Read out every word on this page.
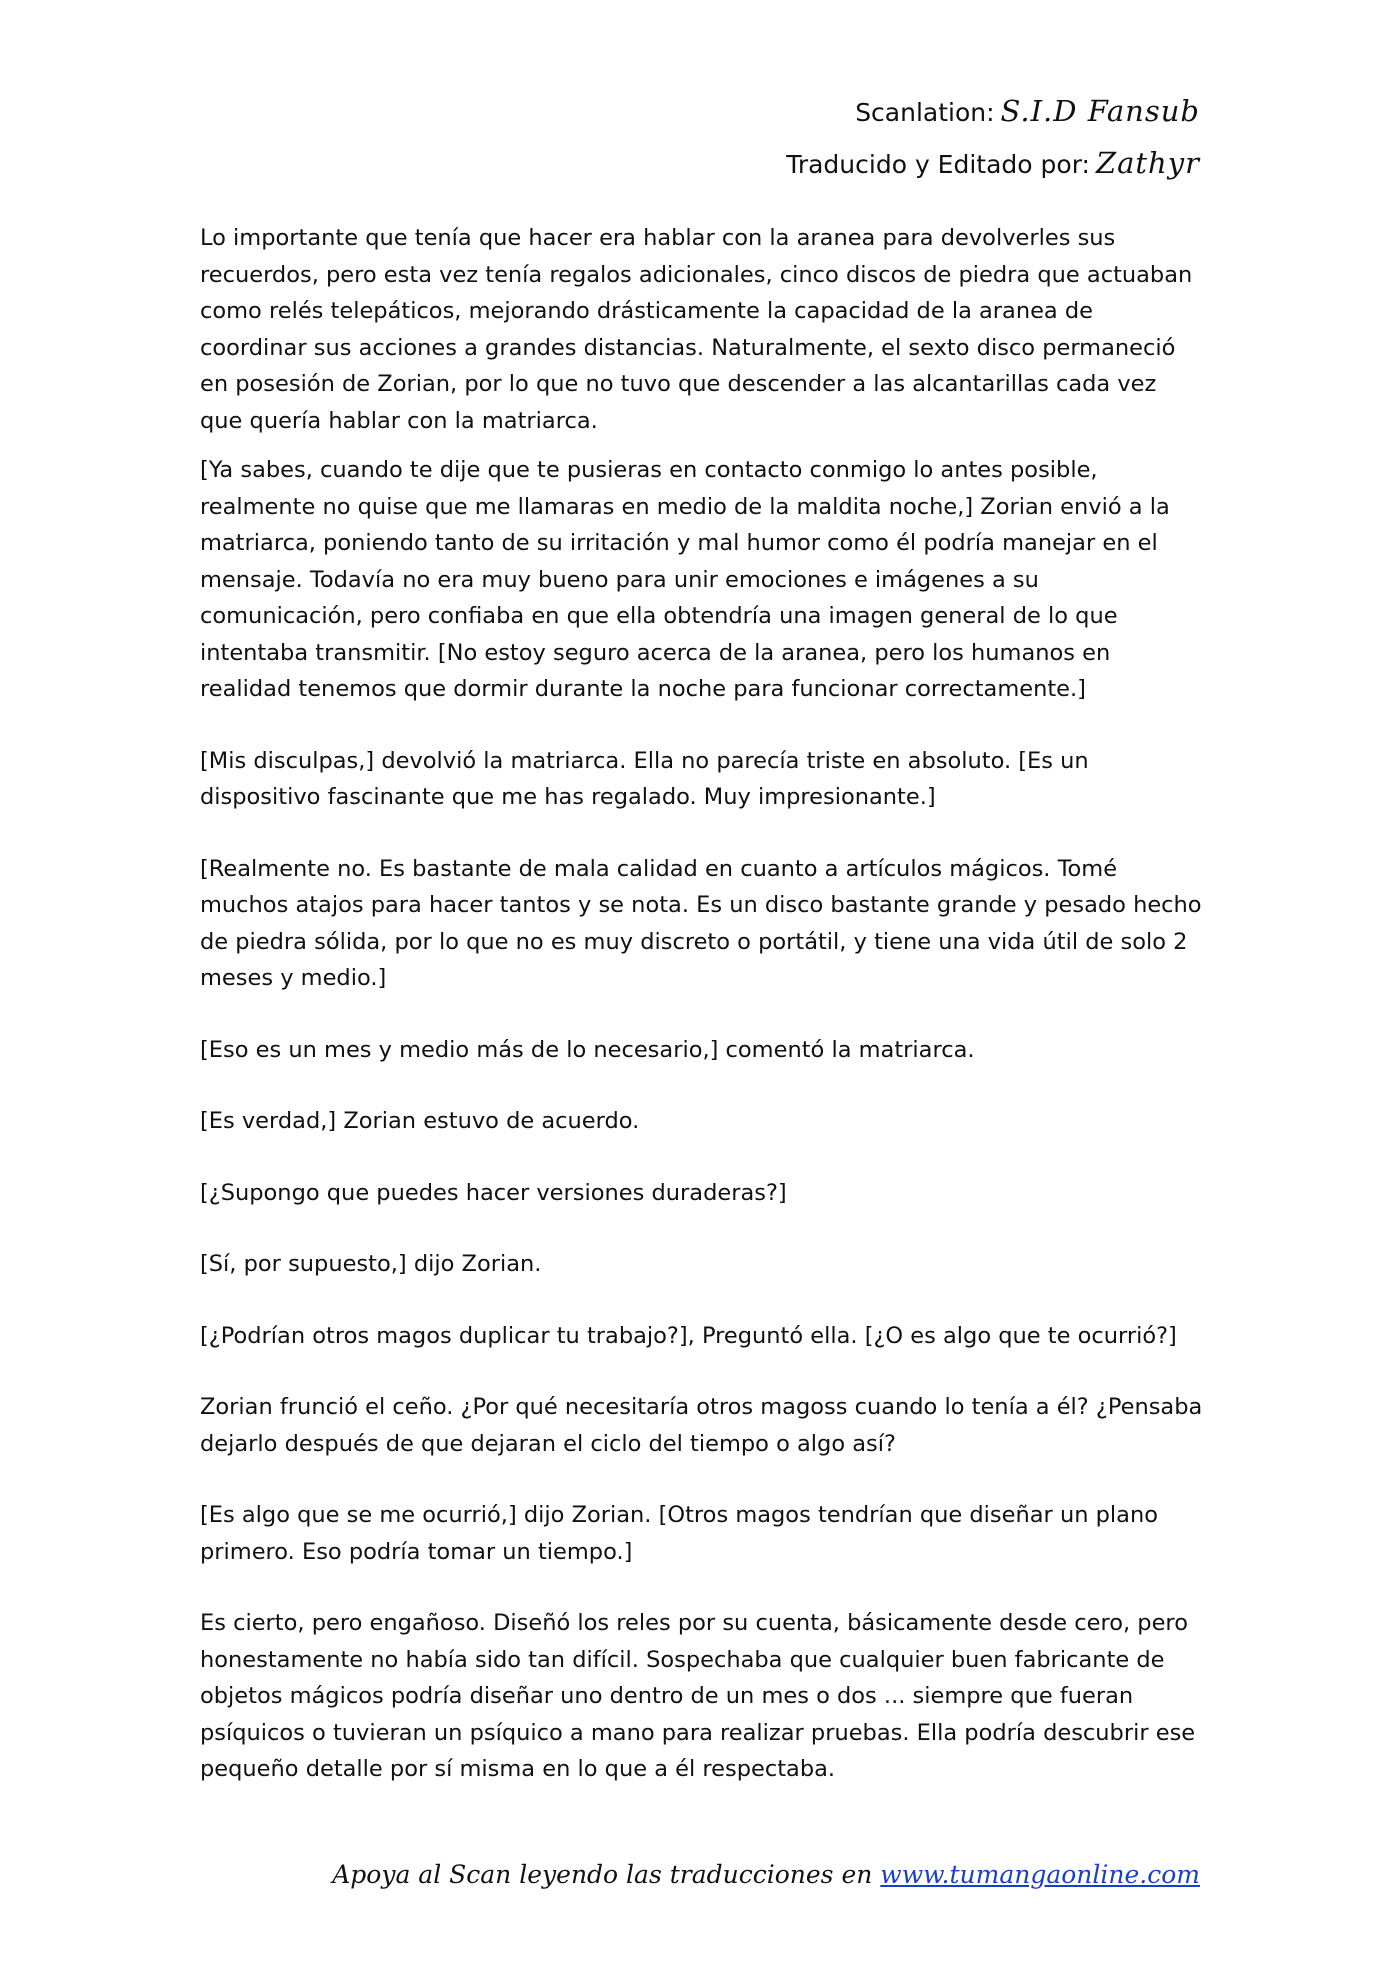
Scanlation: S.I.D Fansub
Traducido y Editado por: Zathyr

Lo importante que tenía que hacer era hablar con la aranea para devolverles sus recuerdos, pero esta vez tenía regalos adicionales, cinco discos de piedra que actuaban como relés telepáticos, mejorando drásticamente la capacidad de la aranea de coordinar sus acciones a grandes distancias. Naturalmente, el sexto disco permaneció en posesión de Zorian, por lo que no tuvo que descender a las alcantarillas cada vez que quería hablar con la matriarca.

[Ya sabes, cuando te dije que te pusieras en contacto conmigo lo antes posible, realmente no quise que me llamaras en medio de la maldita noche,] Zorian envió a la matriarca, poniendo tanto de su irritación y mal humor como él podría manejar en el mensaje. Todavía no era muy bueno para unir emociones e imágenes a su comunicación, pero confiaba en que ella obtendría una imagen general de lo que intentaba transmitir. [No estoy seguro acerca de la aranea, pero los humanos en realidad tenemos que dormir durante la noche para funcionar correctamente.]

[Mis disculpas,] devolvió la matriarca. Ella no parecía triste en absoluto. [Es un dispositivo fascinante que me has regalado. Muy impresionante.]

[Realmente no. Es bastante de mala calidad en cuanto a artículos mágicos. Tomé muchos atajos para hacer tantos y se nota. Es un disco bastante grande y pesado hecho de piedra sólida, por lo que no es muy discreto o portátil, y tiene una vida útil de solo 2 meses y medio.]

[Eso es un mes y medio más de lo necesario,] comentó la matriarca.

[Es verdad,] Zorian estuvo de acuerdo.

[¿Supongo que puedes hacer versiones duraderas?]

[Sí, por supuesto,] dijo Zorian.

[¿Podrían otros magos duplicar tu trabajo?], Preguntó ella. [¿O es algo que te ocurrió?]

Zorian frunció el ceño. ¿Por qué necesitaría otros magoss cuando lo tenía a él? ¿Pensaba dejarlo después de que dejaran el ciclo del tiempo o algo así?

[Es algo que se me ocurrió,] dijo Zorian. [Otros magos tendrían que diseñar un plano primero. Eso podría tomar un tiempo.]

Es cierto, pero engañoso. Diseñó los reles por su cuenta, básicamente desde cero, pero honestamente no había sido tan difícil. Sospechaba que cualquier buen fabricante de objetos mágicos podría diseñar uno dentro de un mes o dos ... siempre que fueran psíquicos o tuvieran un psíquico a mano para realizar pruebas. Ella podría descubrir ese pequeño detalle por sí misma en lo que a él respectaba.

Apoya al Scan leyendo las traducciones en www.tumangaonline.com
